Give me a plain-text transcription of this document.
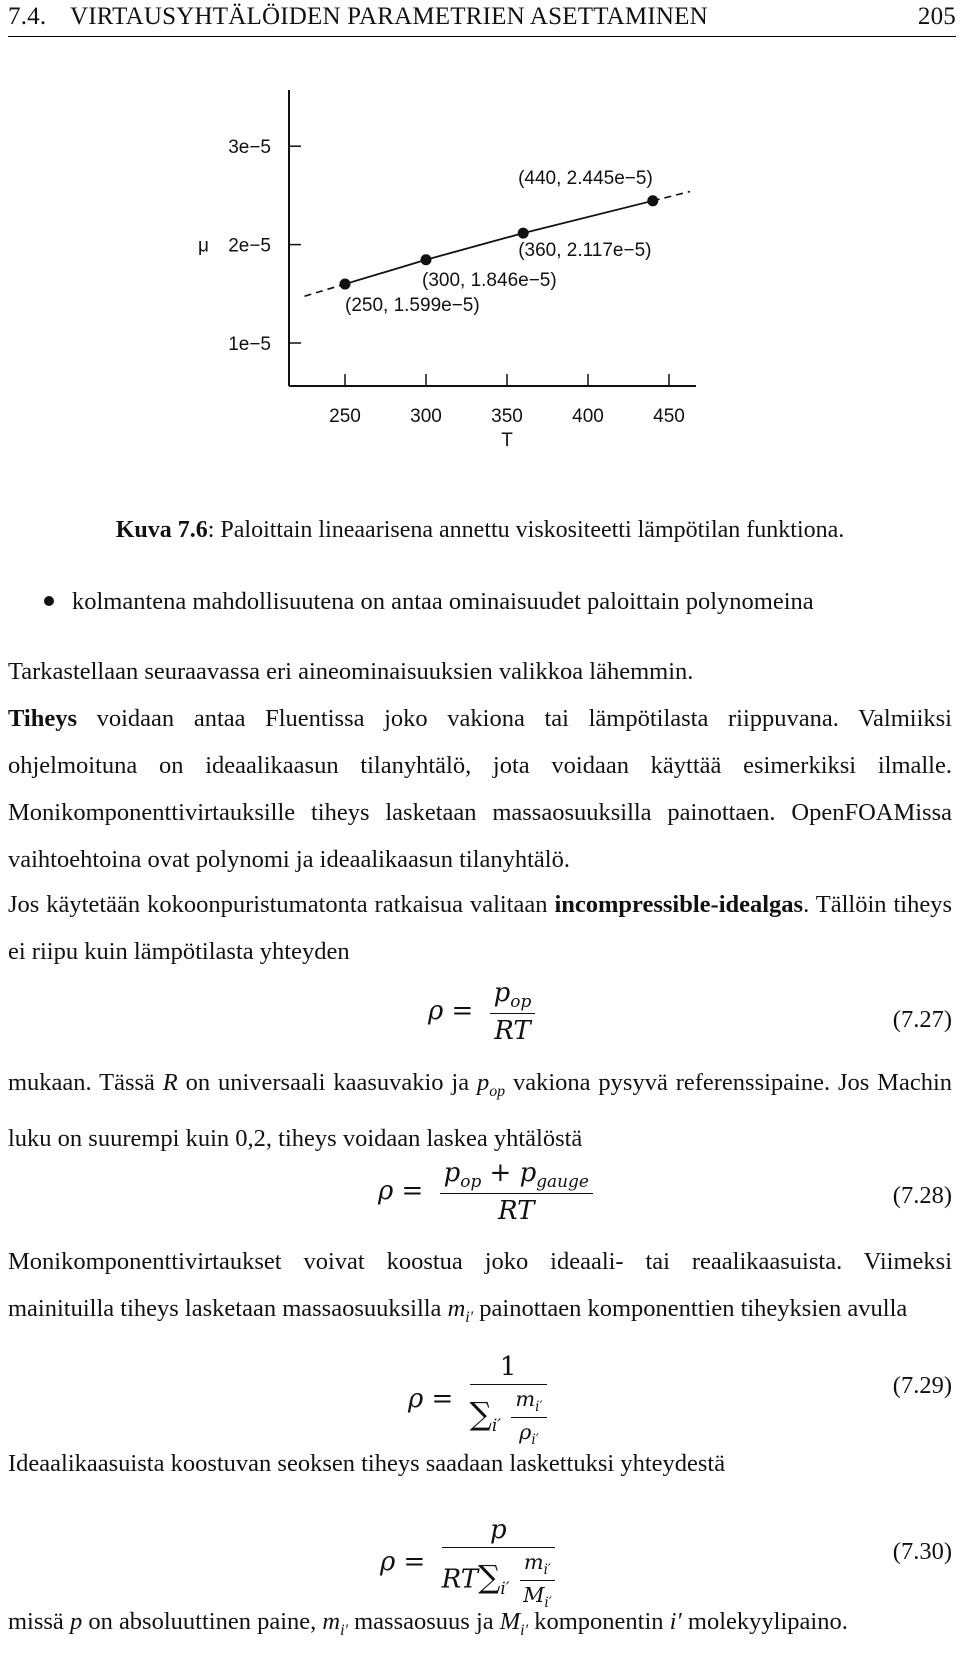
7.4. VIRTAUSYHTÄLÖIDEN PARAMETRIEN ASETTAMINEN	205
250	300	350	400	450
1e−5
2e−5
3e−5
T
μ
(250, 1.599e−5)
(300, 1.846e−5)
(360, 2.117e−5)
(440, 2.445e−5)
Kuva 7.6: Paloittain lineaarisena annettu viskositeetti lämpötilan funktiona.
kolmantena mahdollisuutena on antaa ominaisuudet paloittain polynomeina
Tarkastellaan seuraavassa eri aineominaisuuksien valikkoa lähemmin.
Tiheys voidaan antaa Fluentissa joko vakiona tai lämpötilasta riippuvana. Valmiiksi ohjelmoituna on ideaalikaasun tilanyhtälö, jota voidaan käyttää esimerkiksi ilmalle. Monikomponenttivirtauksille tiheys lasketaan massaosuuksilla painottaen. OpenFOAMissa vaihtoehtoina ovat polynomi ja ideaalikaasun tilanyhtälö.
Jos käytetään kokoonpuristumatonta ratkaisua valitaan incompressible-idealgas. Tällöin tiheys ei riipu kuin lämpötilasta yhteyden
$\rho = \frac{p_{op}}{RT}$	(7.27)
mukaan. Tässä R on universaali kaasuvakio ja $p_{op}$ vakiona pysyvä referenssipaine. Jos Machin luku on suurempi kuin 0,2, tiheys voidaan laskea yhtälöstä
$\rho = \frac{p_{op} + p_{gauge}}{RT}$	(7.28)
Monikomponenttivirtaukset voivat koostua joko ideaali- tai reaalikaasuista. Viimeksi mainituilla tiheys lasketaan massaosuuksilla $m_{i'}$ painottaen komponenttien tiheyksien avulla
$\rho = \frac{1}{\sum_{i'} \frac{m_{i'}}{\rho_{i'}}}$	(7.29)
Ideaalikaasuista koostuvan seoksen tiheys saadaan laskettuksi yhteydestä
$\rho = \frac{p}{RT\sum_{i'} \frac{m_{i'}}{M_{i'}}}$	(7.30)
missä p on absoluuttinen paine, $m_{i'}$ massaosuus ja $M_{i'}$ komponentin i′ molekyylipaino.
